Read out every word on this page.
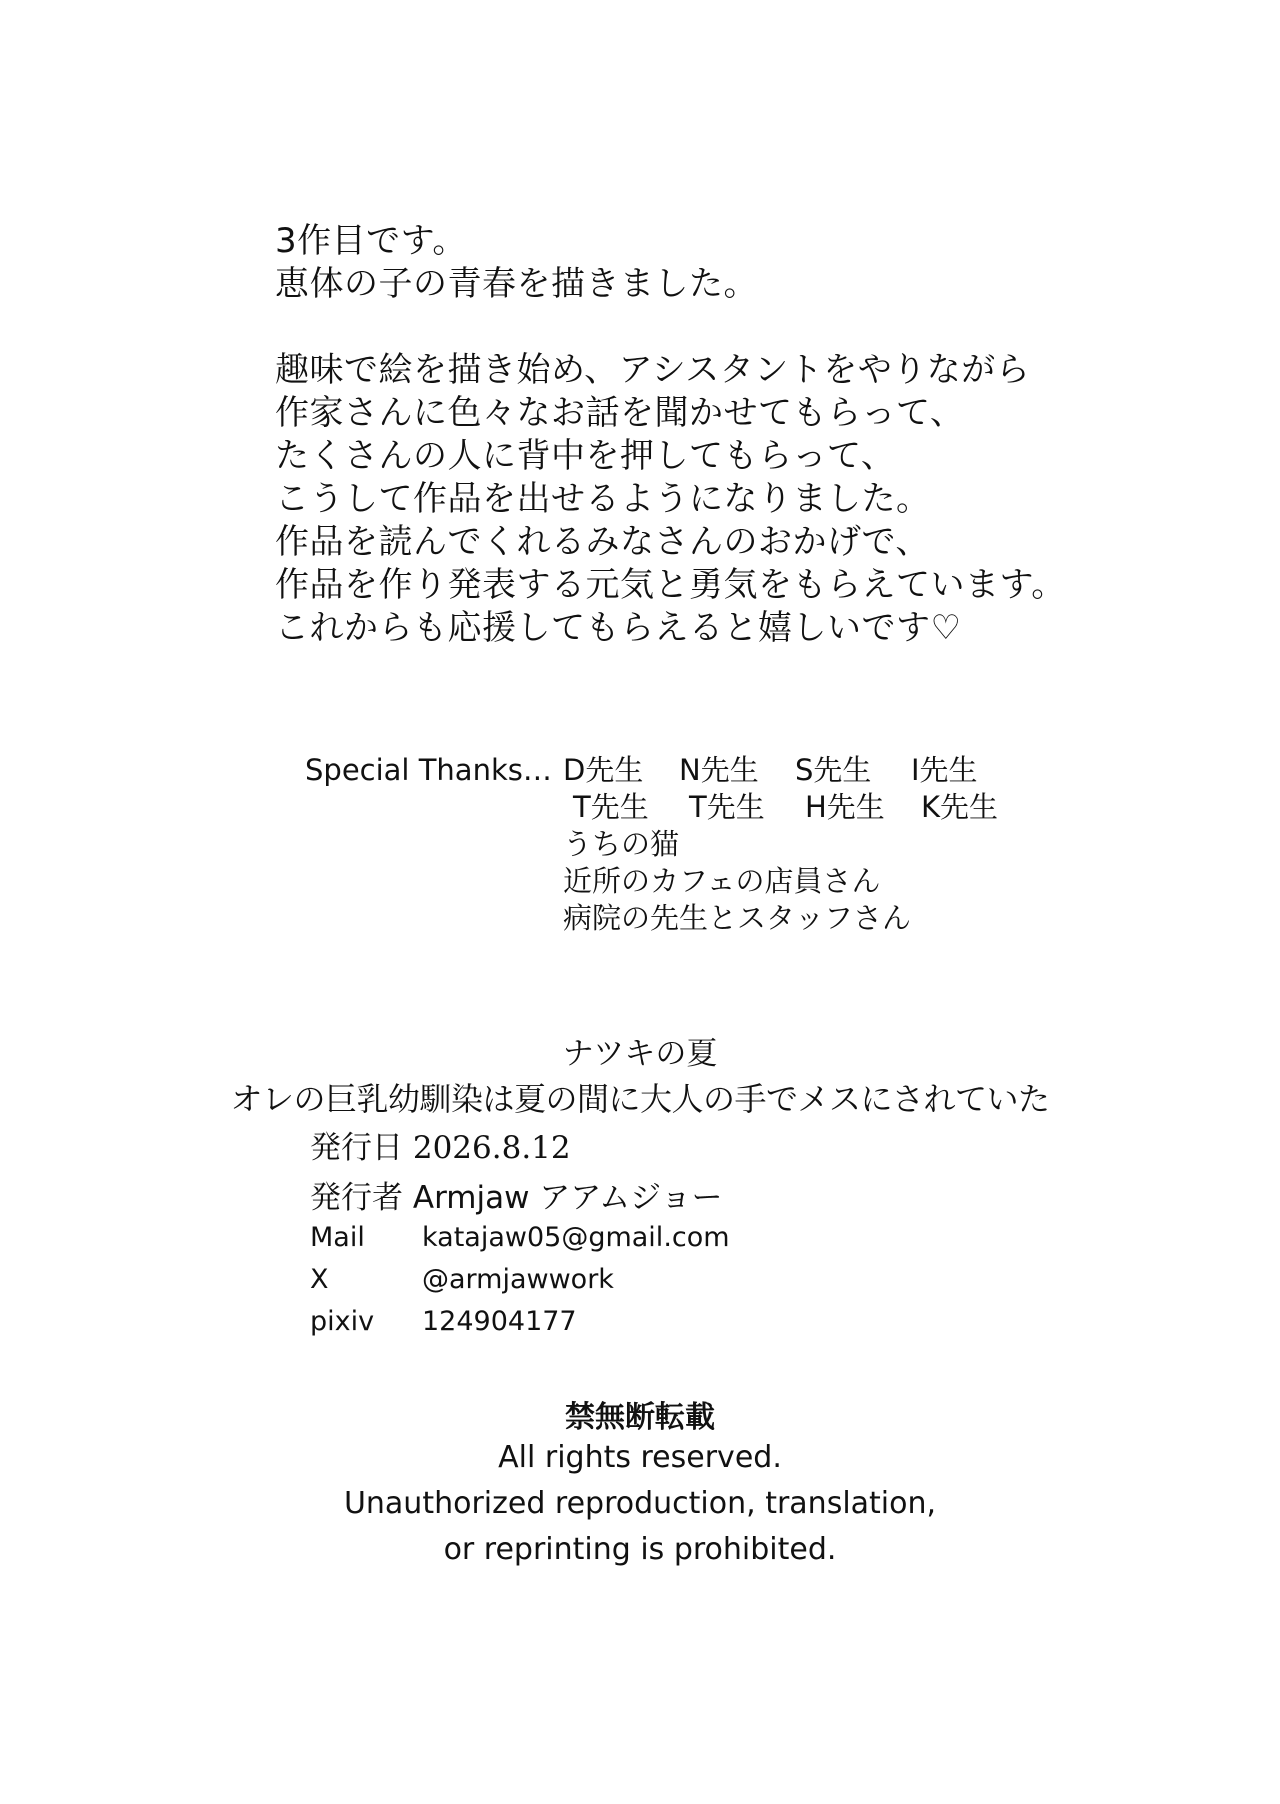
3作目です。
恵体の子の青春を描きました。
趣味で絵を描き始め、アシスタントをやりながら
作家さんに色々なお話を聞かせてもらって、
たくさんの人に背中を押してもらって、
こうして作品を出せるようになりました。
作品を読んでくれるみなさんのおかげで、
作品を作り発表する元気と勇気をもらえています。
これからも応援してもらえると嬉しいです♡
Special Thanks… D先生	N先生	S先生	I先生
T先生	T先生	H先生	K先生
うちの猫
近所のカフェの店員さん
病院の先生とスタッフさん
ナツキの夏
オレの巨乳幼馴染は夏の間に大人の手でメスにされていた
発行日 2026.8.12
発行者 Armjaw アアムジョー
Mail	katajaw05@gmail.com
X	@armjawwork
pixiv	124904177
禁無断転載
All rights reserved.
Unauthorized reproduction, translation,
or reprinting is prohibited.
